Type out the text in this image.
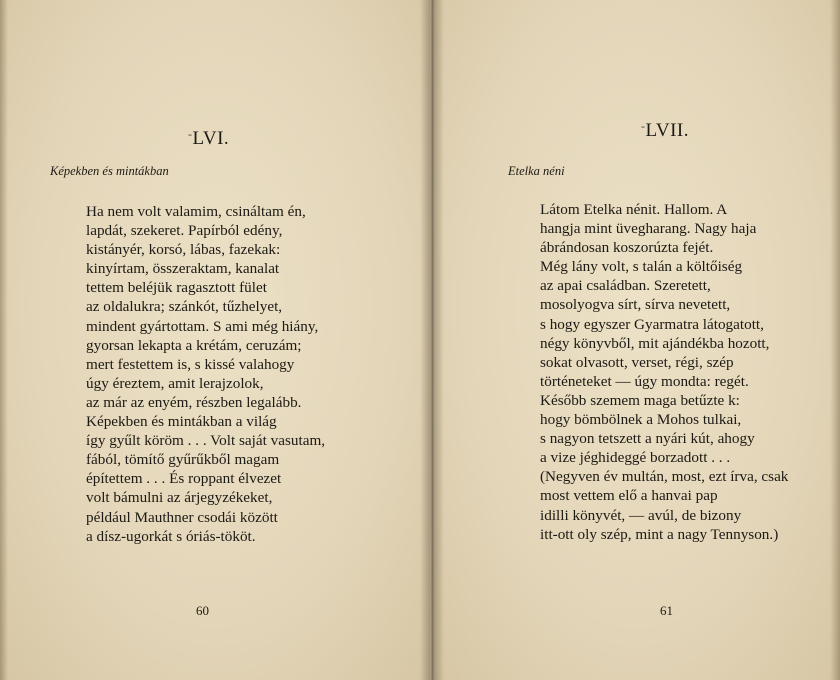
-LVI.
Képekben és mintákban
Ha nem volt valamim, csináltam én,
lapdát, szekeret. Papírból edény,
kistányér, korsó, lábas, fazekak:
kinyírtam, összeraktam, kanalat
tettem beléjük ragasztott fület
az oldalukra; szánkót, tűzhelyet,
mindent gyártottam. S ami még hiány,
gyorsan lekapta a krétám, ceruzám;
mert festettem is, s kissé valahogy
úgy éreztem, amit lerajzolok,
az már az enyém, részben legalább.
Képekben és mintákban a világ
így gyűlt köröm . . . Volt saját vasutam,
fából, tömítő gyűrűkből magam
építettem . . . És roppant élvezet
volt bámulni az árjegyzékeket,
például Mauthner csodái között
a dísz-ugorkát s óriás-tököt.
60
-LVII.
Etelka néni
Látom Etelka nénit. Hallom. A
hangja mint üvegharang. Nagy haja
ábrándosan koszorúzta fejét.
Még lány volt, s talán a költőiség
az apai családban. Szeretett,
mosolyogva sírt, sírva nevetett,
s hogy egyszer Gyarmatra látogatott,
négy könyvből, mit ajándékba hozott,
sokat olvasott, verset, régi, szép
történeteket — úgy mondta: regét.
Később szemem maga betűzte k:
hogy bömbölnek a Mohos tulkai,
s nagyon tetszett a nyári kút, ahogy
a vize jéghideggé borzadott . . .
(Negyven év multán, most, ezt írva, csak
most vettem elő a hanvai pap
idilli könyvét, — avúl, de bizony
itt-ott oly szép, mint a nagy Tennyson.)
61
